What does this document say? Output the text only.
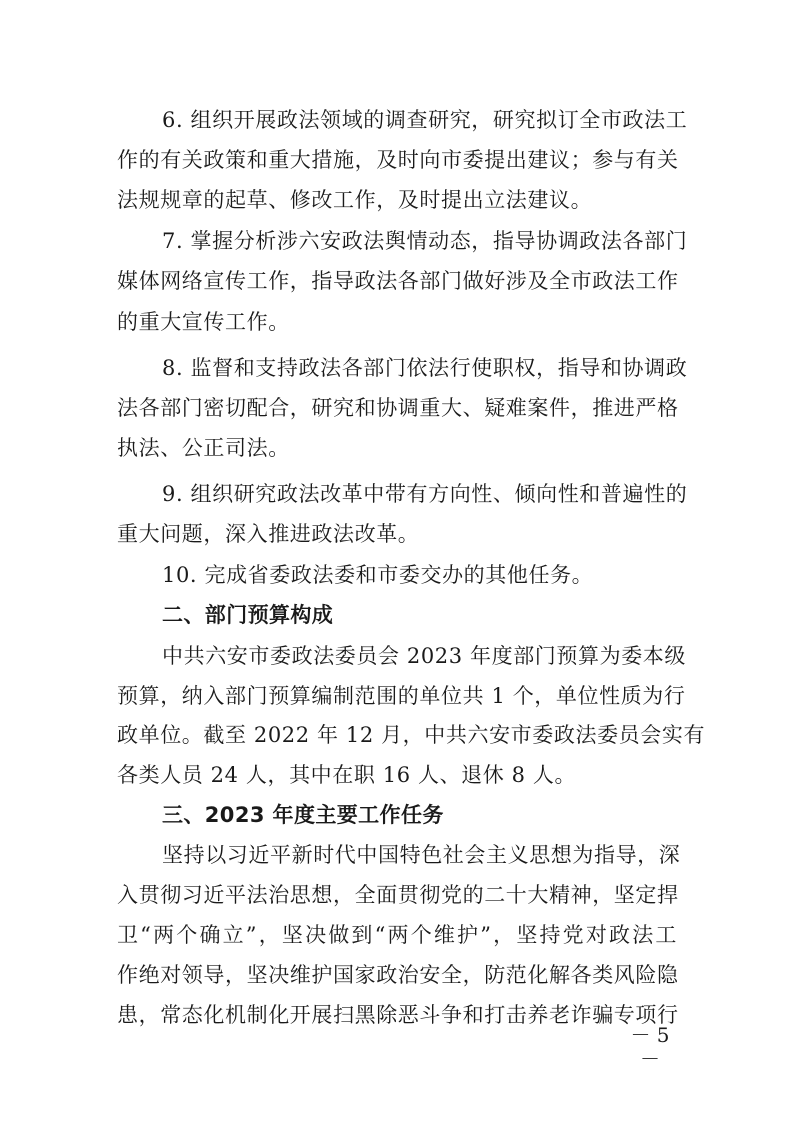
6. 组织开展政法领域的调查研究，研究拟订全市政法工
作的有关政策和重大措施，及时向市委提出建议；参与有关
法规规章的起草、修改工作，及时提出立法建议。
7. 掌握分析涉六安政法舆情动态，指导协调政法各部门
媒体网络宣传工作，指导政法各部门做好涉及全市政法工作
的重大宣传工作。
8. 监督和支持政法各部门依法行使职权，指导和协调政
法各部门密切配合，研究和协调重大、疑难案件，推进严格
执法、公正司法。
9. 组织研究政法改革中带有方向性、倾向性和普遍性的
重大问题，深入推进政法改革。
10. 完成省委政法委和市委交办的其他任务。
二、部门预算构成
中共六安市委政法委员会 2023 年度部门预算为委本级
预算，纳入部门预算编制范围的单位共 1 个，单位性质为行
政单位。截至 2022 年 12 月，中共六安市委政法委员会实有
各类人员 24 人，其中在职 16 人、退休 8 人。
三、2023 年度主要工作任务
坚持以习近平新时代中国特色社会主义思想为指导，深
入贯彻习近平法治思想，全面贯彻党的二十大精神，坚定捍
卫“两个确立”，坚决做到“两个维护”，坚持党对政法工
作绝对领导，坚决维护国家政治安全，防范化解各类风险隐
患，常态化机制化开展扫黑除恶斗争和打击养老诈骗专项行
－ 5 －
